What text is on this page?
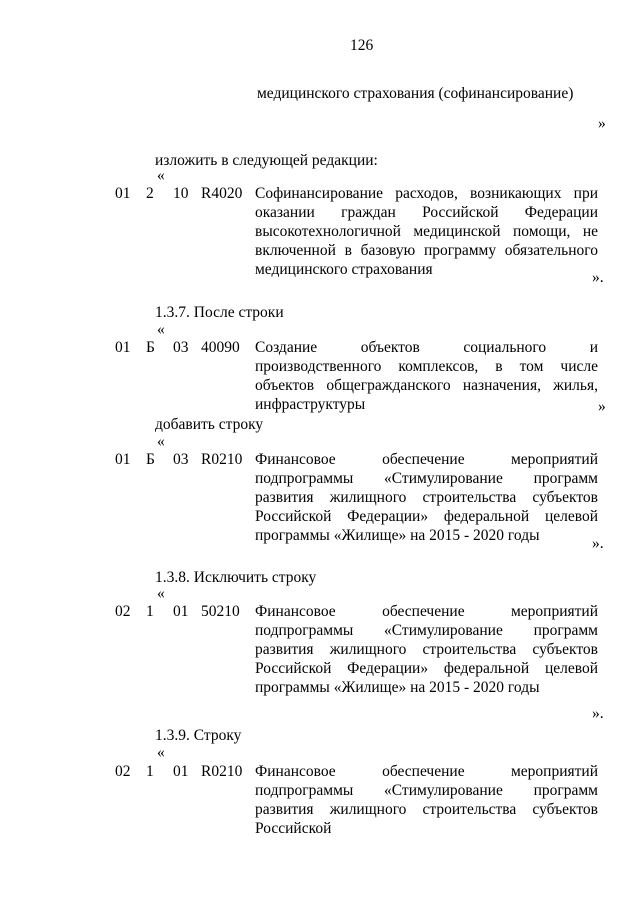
126
медицинского страхования (софинансирование)
»
изложить в следующей редакции:
«
01 2 10 R4020 Софинансирование расходов, возникающих при оказании граждан Российской Федерации высокотехнологичной медицинской помощи, не включенной в базовую программу обязательного медицинского страхования	».
1.3.7. После строки
«
01 Б 03 40090 Создание объектов социального и производственного комплексов, в том числе объектов общегражданского назначения, жилья, инфраструктуры	»
добавить строку
«
01 Б 03 R0210 Финансовое обеспечение мероприятий подпрограммы «Стимулирование программ развития жилищного строительства субъектов Российской Федерации» федеральной целевой программы «Жилище» на 2015 - 2020 годы	».
1.3.8. Исключить строку
«
02 1 01 50210 Финансовое обеспечение мероприятий подпрограммы «Стимулирование программ развития жилищного строительства субъектов Российской Федерации» федеральной целевой программы «Жилище» на 2015 - 2020 годы
».
1.3.9. Строку
«
02 1 01 R0210 Финансовое обеспечение мероприятий подпрограммы «Стимулирование программ развития жилищного строительства субъектов Российской
